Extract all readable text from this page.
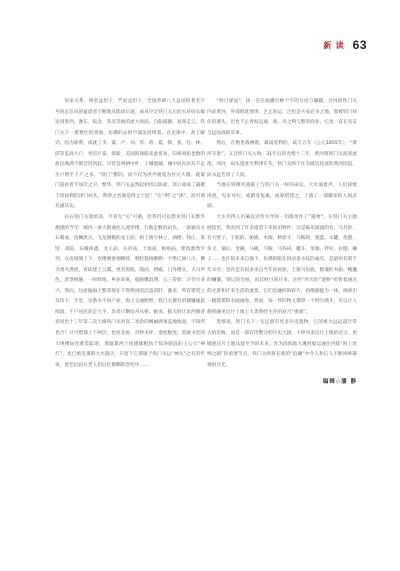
新 读 63

你家关系，两者益坦子，严家益坦子，全国普降八大益国的著名字号的总在风的盆湛者不断地从陷闭后道。成从空过铁门关后的水草码头编送到鲁西，豫东、皖北、苏北等地的流大场面。自船磁播，富商走云，铁门关下一派繁忙的景象，仿佛的去时空深美持续着。在史册中，查了解到，因为盐利，成就了李、董、卢、刘、苏、蒋、夏、韩、张、任、林、邱等监商大户，更有巨泰、鼎新、美国的商船来此贸易，印商商船也数的盐民满满不断迁居到此。尽管是明朝中叶，上城地城，城中居民居从不足至户增至千户之多。“铁门”繁的，而不仅为洪声渡宽为位元大墙。就秦门道看着手场次之卫，繁华，铁门关虽然起初用以防盐，其后却成了凝聚丰厚盐利的津门码头，利津之名便是得之于此！”在“利”之“津”，真可谓名副其实。

站在铁门关遗址前，尽管无“关”可循，但我仍可以想见铁门关繁华便捷的当年：城内一条大街通往入流穿楼，行航走帆的码头。一条通向方石砌成，鱼鳞黑瓦，飞龙图檐的龙王庙；街上商号林立，酒楼、钱庄、茶馆、戏院、布幢商鑫，龙王庙、关帝庙、土地庙、娘娘庙，建筑鼎然罗列，众房琉璃上下，皮楼便香烟缭绕、唱腔悠扬醉眸；不绝辽阔八川，佛寺香火潜流，青砖建上云霧，更有殷殷，随而、碧殿，门外楼头，犬马声色，恶煞相缠，一时辉煌。乡泥来寓，船路雕浪滞，五三曾驿，辛劳兴业兴。然而，这座偏海上繁荣现在不得舆同的泛盗的肝，滩来，所有建筑立及均下，手里，杂条水不再产盐，海上交通断绝，铁门关便有的偶嫌通此闻落，千户居民泥走大半，余者只剩房舟从桥。据说，据关时计求西阁普者同治十三年第二次大修铁门关时高二米余的褐画碑须盖地地面，不知所也否？只可惜那上下两层、也址北座、宫物木坪、金柱数莲，莫做书堂的大规楼局也难觅踪迹，那厦暴两上夜德廊粗执于惊涛骇浪的王公尽“神灯”，也已被连番的大水毁灭，只留下它那镇于铁门关以“神关”之名的传说，留恋沉寂在老人们记忆模糊的念叨中……

“铁门驿浪”，国一直在演播这种个字的方谊与疆疆。过河的铁门关内前黄河，外部海延要津，岂止海运，岂也是兵家必争之地。那被铁门驿住的港头，但也不止着海运通，商、舟之利与繁的商业，它也一直在见证与远国战的军事。

然后，在数里战淋窗，暴雨宽利的，咸丰五年（公元1855年），“黄河夺淮”，又自铁门关入海。31年后的光绪十二年，黄河将铁门关泥泥流淮，冈河，码头遗迹至利津车头，铁门关终于在有破坑往流的黄河因浪，而永远告别了人间。

当地在铁网河遗据了与铁门关一样的命运，大水漫着声，人们却数岗流，见来可归，或踏身兔巢，或筹措建之，上演了一部暖举的人间悲剧。

大水名得人们确以旁传失导的一切都变作了“遗物”。在铁门关主题展馆里，我看到了许多遗留下来的旧物件：这是陈乐锯流的名，马具的、有大壁子，干船的、船板、木楔、秋轮辛、马鞍的，脱篮、水罐、鱼罄、鱼叉、锢后、金碗、马碗、马鞍、马钱码、罐斗、里爆、拌杆、拉糙、栅子……也许很多来自地下，仿佛的眼在闷动着水纹的毫光，是最恒有那千年水旁；也许还有很多来自当年的将族，土猪马倍族，数瑰的木船、鲍囊的蛐髓、锁记的宅纸，再其财目领开来，这些“时光的“遗物”折射着通达的光景和仟来生活的流景，它们会融碎的碎片，再维捕捉为一体，绵密出一幅悠带的水画画卷。然而，每一件旧物又都带一个时空满斗，可以让人静的融见这片土地上人类曾经生存的岁月“重演”。

逛细说，铁门关下一定还潜有更多历史遗物。它的重大远远超过常古的范畴，而是一部有待整合的历史大剧，不停序求这片土地的近古，更铺展这片土地从此至今的未来。作为滨海地大滩河船运通往内陆“海上丝绸之路”的重要节点，铁门关终将在新的“浪潮”中令人和后人不断回眸凝视的目光。

编辑◇潘 静
